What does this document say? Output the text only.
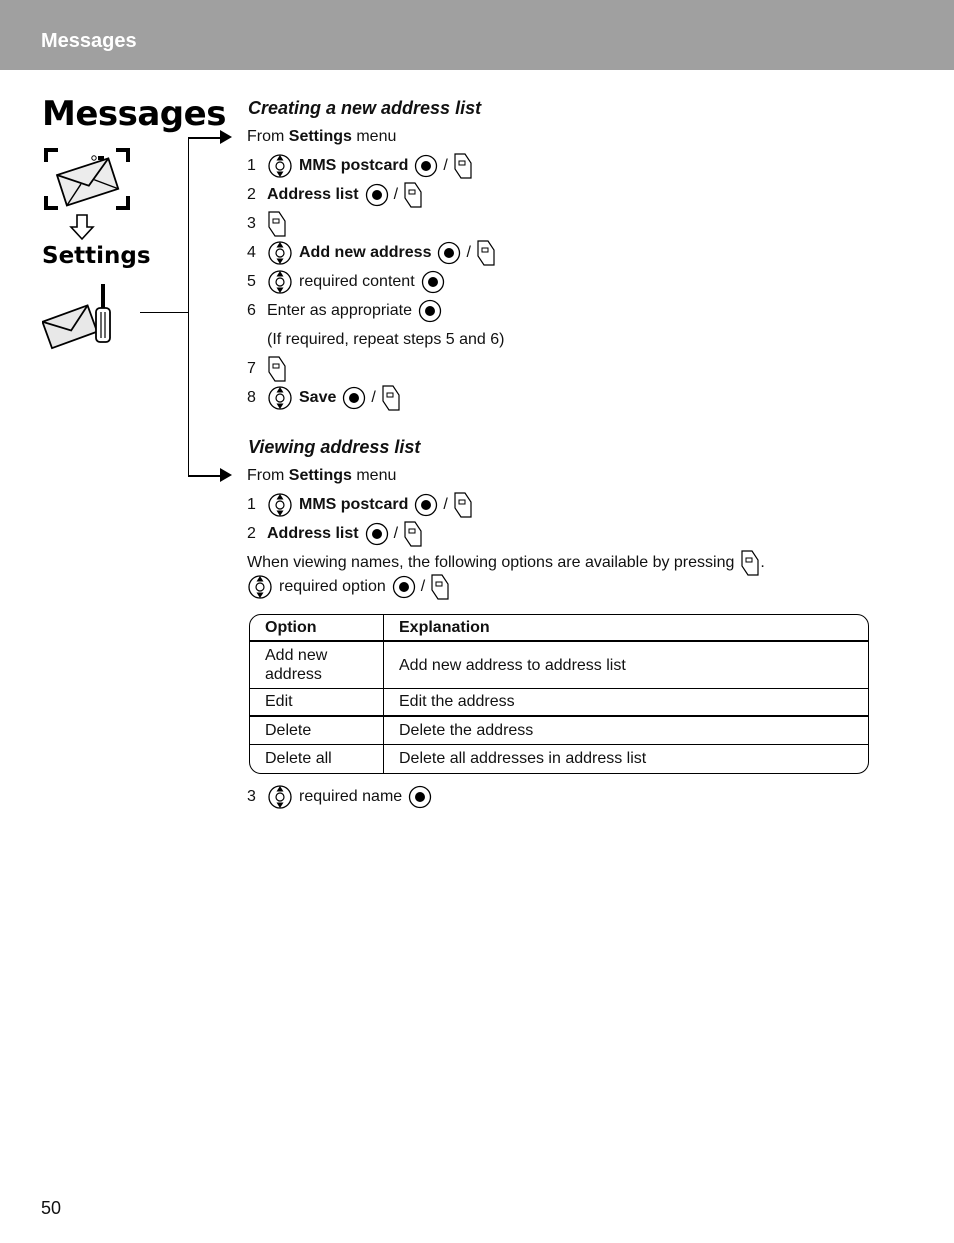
Messages
Messages
Settings
Creating a new address list
From Settings menu
1	MMS postcard /
2 Address list /
3
4	Add new address /
5	required content
6 Enter as appropriate
(If required, repeat steps 5 and 6)
7
8	Save /
Viewing address list
From Settings menu
1	MMS postcard /
2 Address list /
When viewing names, the following options are available by pressing .
required option /
Option	Explanation
Add new address	Add new address to address list
Edit	Edit the address
Delete	Delete the address
Delete all	Delete all addresses in address list
3	required name
50
